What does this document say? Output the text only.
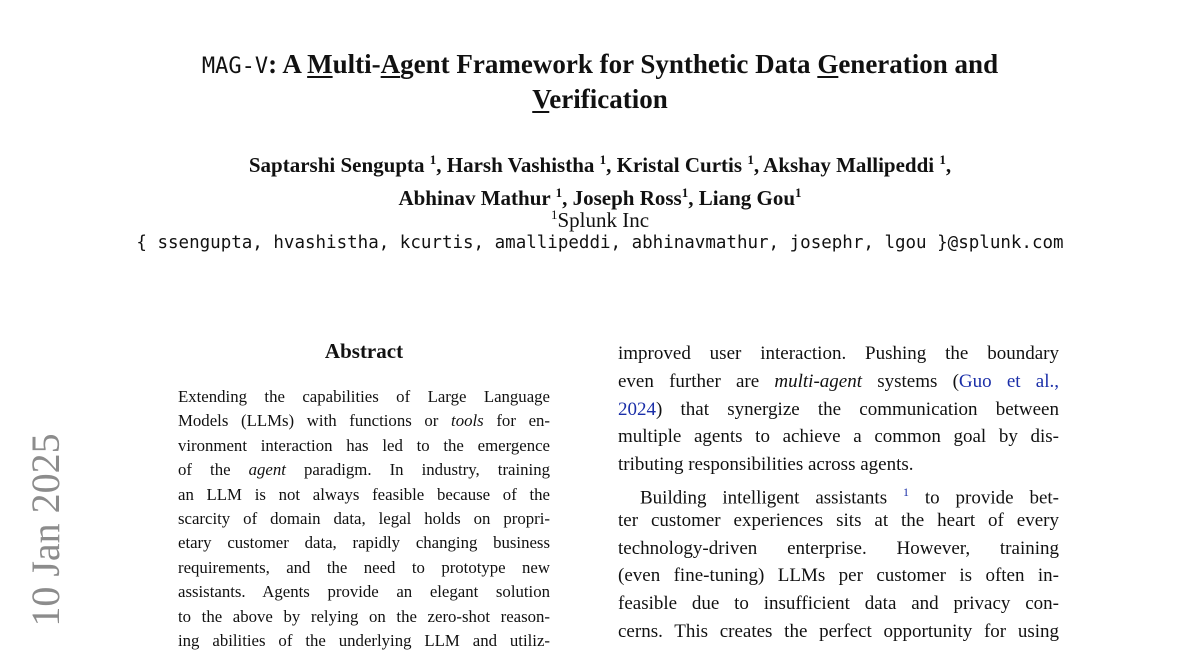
MAG-V: A Multi-Agent Framework for Synthetic Data Generation and
Verification
Saptarshi Sengupta $^1$, Harsh Vashistha $^1$, Kristal Curtis $^1$, Akshay Mallipeddi $^1$,
Abhinav Mathur $^1$, Joseph Ross$^1$, Liang Gou$^1$
$^1$Splunk Inc
{ ssengupta, hvashistha, kcurtis, amallipeddi, abhinavmathur, josephr, lgou }@splunk.com
10 Jan 2025
Abstract
Extending the capabilities of Large Language
Models (LLMs) with functions or tools for en-
vironment interaction has led to the emergence
of the agent paradigm. In industry, training
an LLM is not always feasible because of the
scarcity of domain data, legal holds on propri-
etary customer data, rapidly changing business
requirements, and the need to prototype new
assistants. Agents provide an elegant solution
to the above by relying on the zero-shot reason-
ing abilities of the underlying LLM and utiliz-
improved user interaction. Pushing the boundary
even further are multi-agent systems (Guo et al.,
2024) that synergize the communication between
multiple agents to achieve a common goal by dis-
tributing responsibilities across agents.
Building intelligent assistants $^1$ to provide bet-
ter customer experiences sits at the heart of every
technology-driven enterprise. However, training
(even fine-tuning) LLMs per customer is often in-
feasible due to insufficient data and privacy con-
cerns. This creates the perfect opportunity for using
